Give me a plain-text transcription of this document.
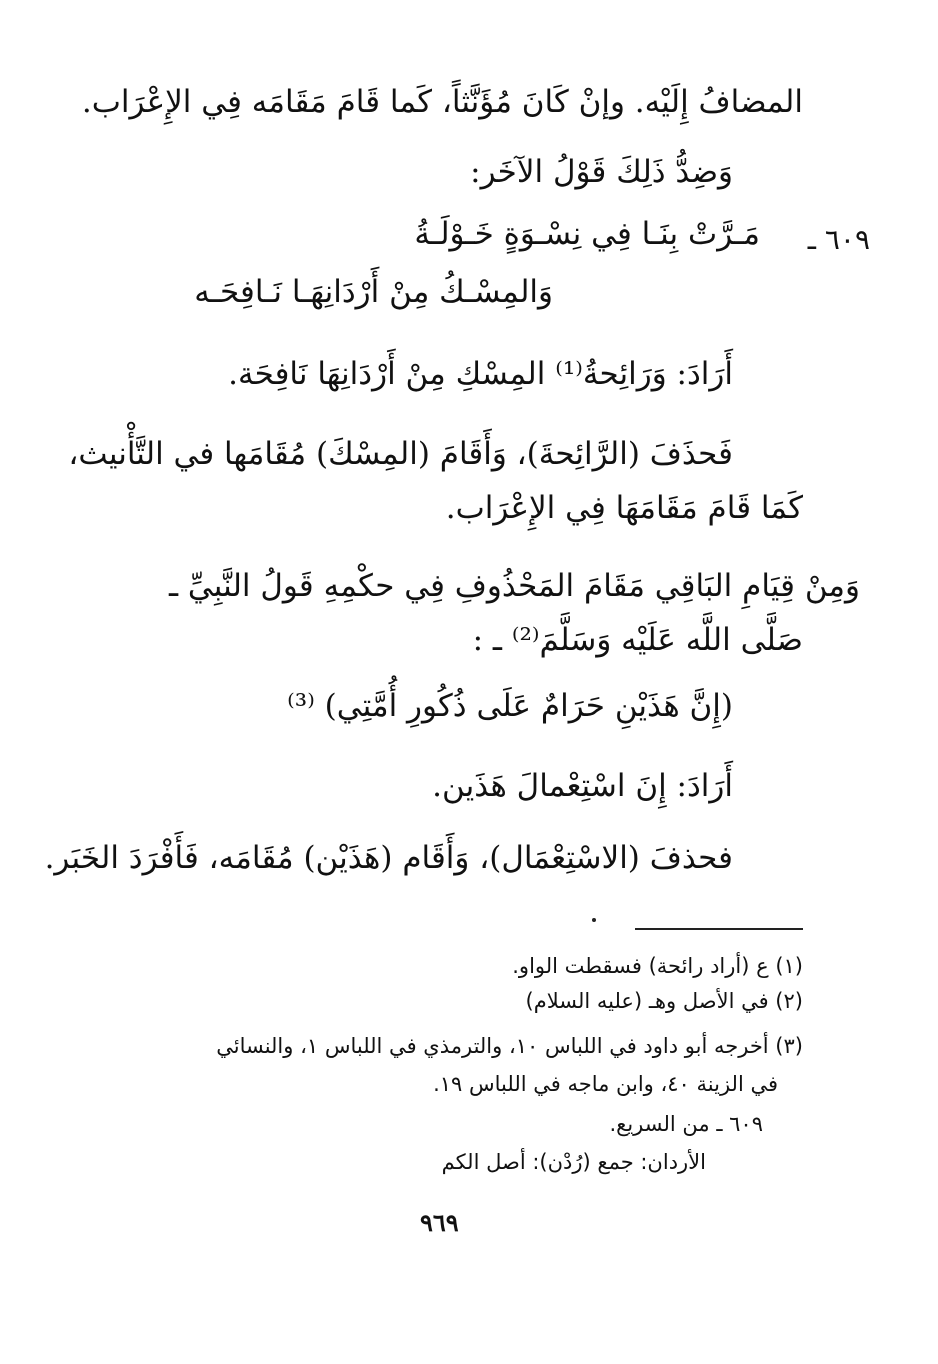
المضافُ إِلَيْه. وإنْ كَانَ مُؤَنَّثاً، كَما قَامَ مَقَامَه فِي الإِعْرَاب.
وَضِدُّ ذَلِكَ قَوْلُ الآخَر:
٦٠٩ ـ
مَـرَّتْ بِنَـا فِي نِسْـوَةٍ خَـوْلَـةُ
وَالمِسْـكُ مِنْ أَرْدَانِهَـا نَـافِحَـه
أَرَادَ: وَرَائِحةُ⁽¹⁾ المِسْكِ مِنْ أَرْدَانِهَا نَافِحَة.
فَحذَفَ (الرَّائِحةَ)، وَأَقَامَ (المِسْكَ) مُقَامَها في التَّأْنيث،
كَمَا قَامَ مَقَامَهَا فِي الإِعْرَاب.
وَمِنْ قِيَامِ البَاقِي مَقَامَ المَحْذُوفِ فِي حكْمِهِ قَولُ النَّبِيِّ ـ
صَلَّى اللَّه عَلَيْه وَسَلَّمَ⁽²⁾ ـ :
(إِنَّ هَذَيْنِ حَرَامٌ عَلَى ذُكُورِ أُمَّتِي) ⁽³⁾
أَرَادَ: إِنَ اسْتِعْمالَ هَذَين.
فحذفَ (الاسْتِعْمَال)، وَأَقَام (هَذَيْن) مُقَامَه، فَأَفْرَدَ الخَبَر.
(١) ع (أراد رائحة) فسقطت الواو.
(٢) في الأصل وهـ (عليه السلام)
(٣) أخرجه أبو داود في اللباس ١٠، والترمذي في اللباس ١، والنسائي
في الزينة ٤٠، وابن ماجه في اللباس ١٩.
٦٠٩ ـ من السريع.
الأردان: جمع (رُدْن): أصل الكم
٩٦٩
